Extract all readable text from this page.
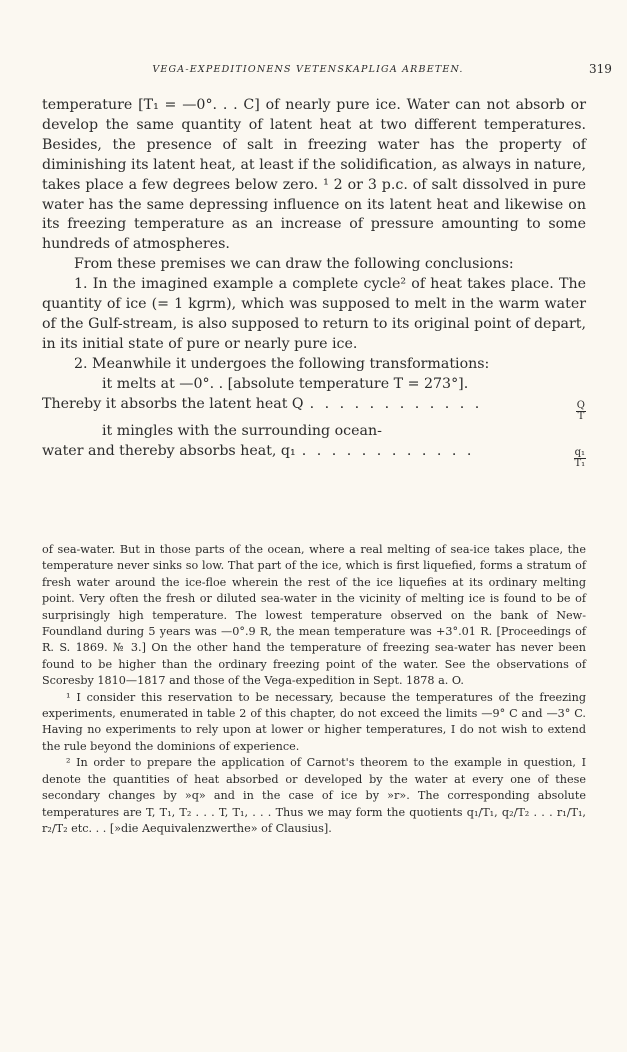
VEGA-EXPEDITIONENS VETENSKAPLIGA ARBETEN.	319

temperature [T₁ = —0°. . . C] of nearly pure ice. Water can not absorb or develop the same quantity of latent heat at two different temperatures. Besides, the presence of salt in freezing water has the property of diminishing its latent heat, at least if the solidification, as always in nature, takes place a few degrees below zero. ¹ 2 or 3 p.c. of salt dissolved in pure water has the same depressing influence on its latent heat and likewise on its freezing temperature as an increase of pressure amounting to some hundreds of atmospheres.

From these premises we can draw the following conclusions:

1. In the imagined example a complete cycle² of heat takes place. The quantity of ice (= 1 kgrm), which was supposed to melt in the warm water of the Gulf-stream, is also supposed to return to its original point of depart, in its initial state of pure or nearly pure ice.

2. Meanwhile it undergoes the following transformations:

it melts at —0°. . [absolute temperature T = 273°].

Thereby it absorbs the latent heat Q . . . . . . . . . . . .	$\frac{Q}{T}$

it mingles with the surrounding ocean-

water and thereby absorbs heat, q₁ . . . . . . . . . . . .	$\frac{\text{q₁}}{\text{T₁}}$

of sea-water. But in those parts of the ocean, where a real melting of sea-ice takes place, the temperature never sinks so low. That part of the ice, which is first liquefied, forms a stratum of fresh water around the ice-floe wherein the rest of the ice liquefies at its ordinary melting point. Very often the fresh or diluted sea-water in the vicinity of melting ice is found to be of surprisingly high temperature. The lowest temperature observed on the bank of New-Foundland during 5 years was —0°.9 R, the mean temperature was +3°.01 R. [Proceedings of R. S. 1869. № 3.] On the other hand the temperature of freezing sea-water has never been found to be higher than the ordinary freezing point of the water. See the observations of Scoresby 1810—1817 and those of the Vega-expedition in Sept. 1878 a. O.

¹ I consider this reservation to be necessary, because the temperatures of the freezing experiments, enumerated in table 2 of this chapter, do not exceed the limits —9° C and —3° C. Having no experiments to rely upon at lower or higher temperatures, I do not wish to extend the rule beyond the dominions of experience.

² In order to prepare the application of Carnot's theorem to the example in question, I denote the quantities of heat absorbed or developed by the water at every one of these secondary changes by »q» and in the case of ice by »r». The corresponding absolute temperatures are T, T₁, T₂ . . . T, T₁, . . . Thus we may form the quotients q₁/T₁, q₂/T₂ . . . r₁/T₁, r₂/T₂ etc. . . [»die Aequivalenzwerthe» of Clausius].
